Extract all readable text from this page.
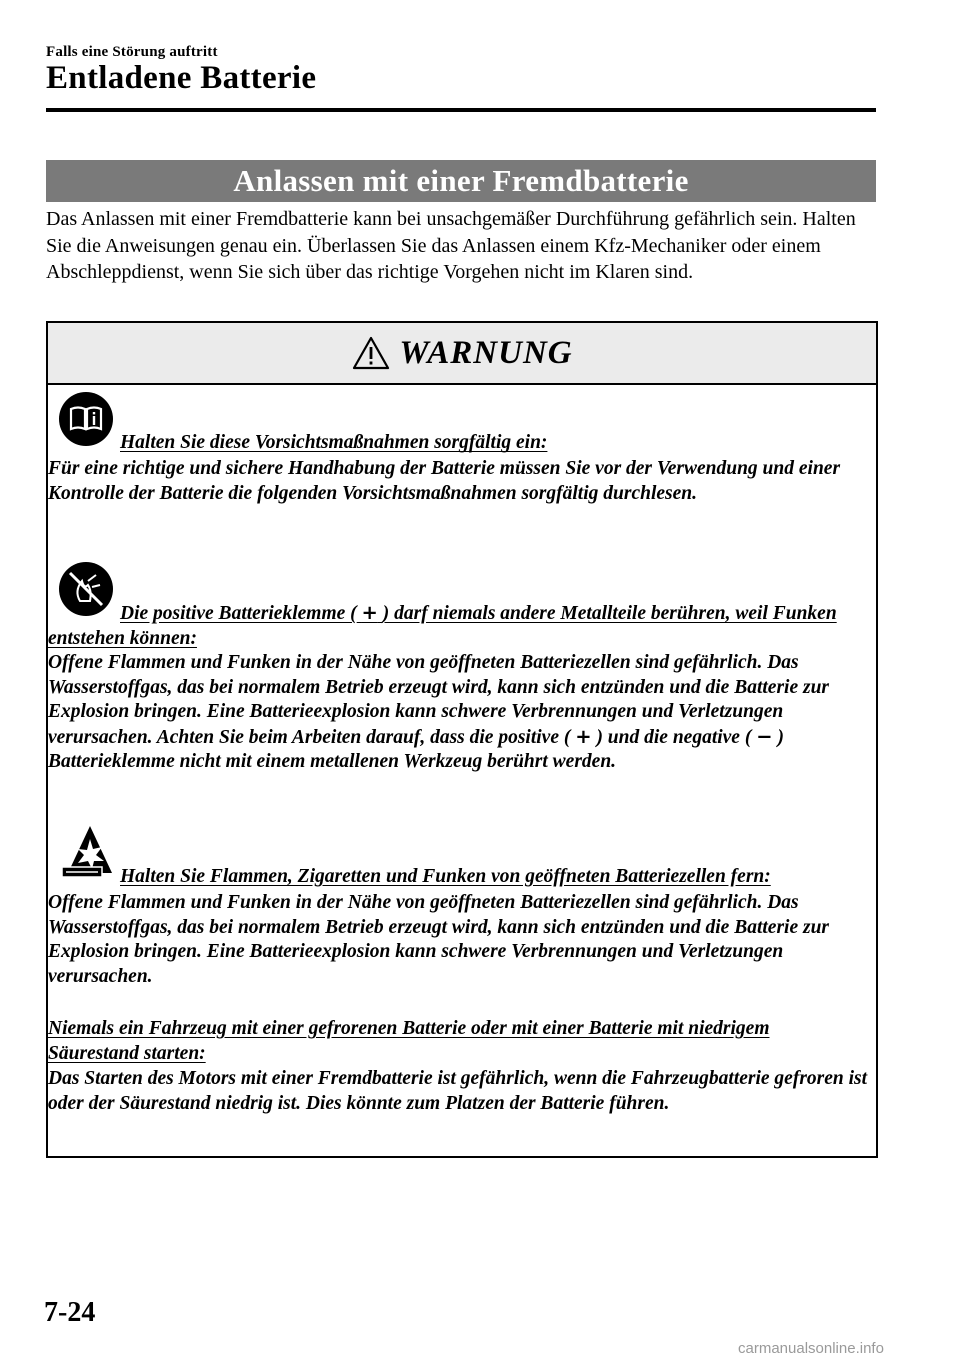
Falls eine Störung auftritt
Entladene Batterie
Anlassen mit einer Fremdbatterie
Das Anlassen mit einer Fremdbatterie kann bei unsachgemäßer Durchführung gefährlich sein. Halten Sie die Anweisungen genau ein. Überlassen Sie das Anlassen einem Kfz-Mechaniker oder einem Abschleppdienst, wenn Sie sich über das richtige Vorgehen nicht im Klaren sind.
WARNUNG
Halten Sie diese Vorsichtsmaßnahmen sorgfältig ein:
Für eine richtige und sichere Handhabung der Batterie müssen Sie vor der Verwendung und einer Kontrolle der Batterie die folgenden Vorsichtsmaßnahmen sorgfältig durchlesen.
Die positive Batterieklemme ( + ) darf niemals andere Metallteile berühren, weil Funken entstehen können:
Offene Flammen und Funken in der Nähe von geöffneten Batteriezellen sind gefährlich. Das Wasserstoffgas, das bei normalem Betrieb erzeugt wird, kann sich entzünden und die Batterie zur Explosion bringen. Eine Batterieexplosion kann schwere Verbrennungen und Verletzungen verursachen. Achten Sie beim Arbeiten darauf, dass die positive ( + ) und die negative ( − ) Batterieklemme nicht mit einem metallenen Werkzeug berührt werden.
Halten Sie Flammen, Zigaretten und Funken von geöffneten Batteriezellen fern:
Offene Flammen und Funken in der Nähe von geöffneten Batteriezellen sind gefährlich. Das Wasserstoffgas, das bei normalem Betrieb erzeugt wird, kann sich entzünden und die Batterie zur Explosion bringen. Eine Batterieexplosion kann schwere Verbrennungen und Verletzungen verursachen.
Niemals ein Fahrzeug mit einer gefrorenen Batterie oder mit einer Batterie mit niedrigem Säurestand starten:
Das Starten des Motors mit einer Fremdbatterie ist gefährlich, wenn die Fahrzeugbatterie gefroren ist oder der Säurestand niedrig ist. Dies könnte zum Platzen der Batterie führen.
7-24
carmanualsonline.info
